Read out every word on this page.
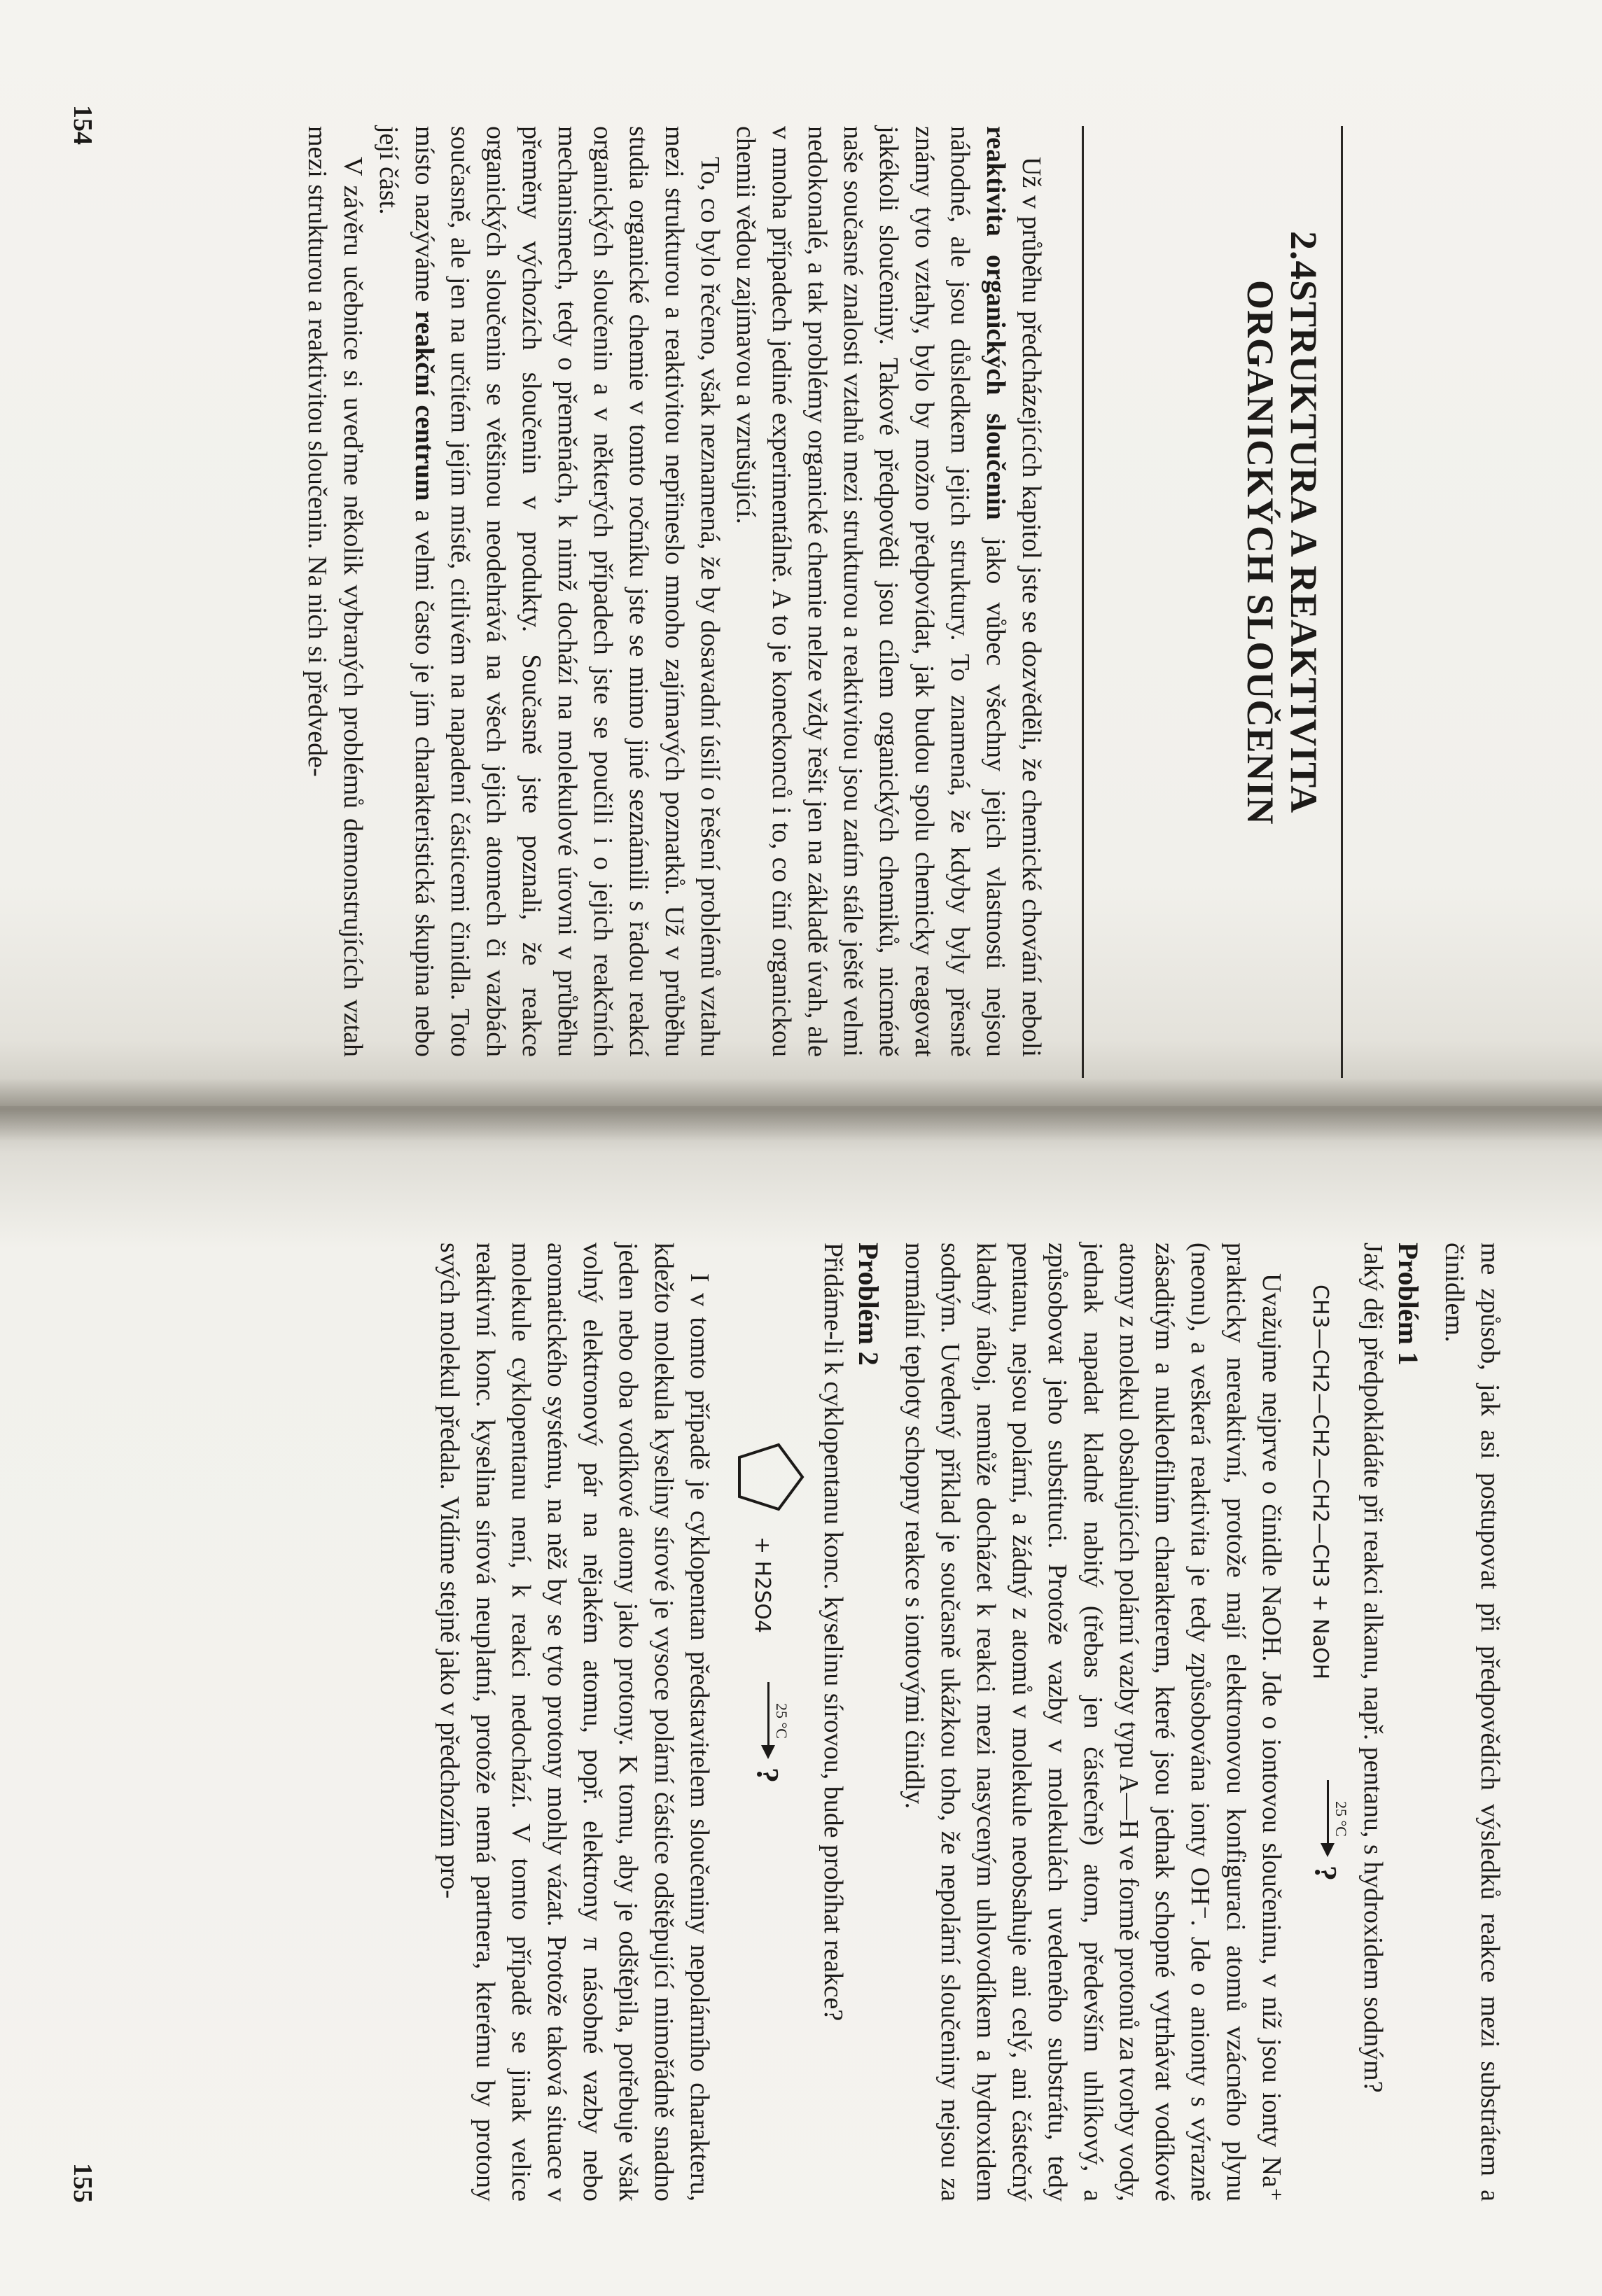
2.4STRUKTURA A REAKTIVITA
ORGANICKÝCH SLOUČENIN

Už v průběhu předcházejících kapitol jste se dozvěděli, že chemické chování neboli reaktivita organických sloučenin jako vůbec všechny jejich vlastnosti nejsou náhodné, ale jsou důsledkem jejich struktury. To znamená, že kdyby byly přesně známy tyto vztahy, bylo by možno předpovídat, jak budou spolu chemicky reagovat jakékoli sloučeniny. Takové předpovědi jsou cílem organických chemiků, nicméně naše současné znalosti vztahů mezi strukturou a reaktivitou jsou zatím stále ještě velmi nedokonalé, a tak problémy organické chemie nelze vždy řešit jen na základě úvah, ale v mnoha případech jediné experimentálně. A to je koneckonců i to, co činí organickou chemii vědou zajímavou a vzrušující.

To, co bylo řečeno, však neznamená, že by dosavadní úsilí o řešení problémů vztahu mezi strukturou a reaktivitou nepřineslo mnoho zajímavých poznatků. Už v průběhu studia organické chemie v tomto ročníku jste se mimo jiné seznámili s řadou reakcí organických sloučenin a v některých případech jste se poučili i o jejich reakčních mechanismech, tedy o přeměnách, k nimž dochází na molekulové úrovni v průběhu přeměny výchozích sloučenin v produkty. Současně jste poznali, že reakce organických sloučenin se většinou neodehrává na všech jejich atomech či vazbách současně, ale jen na určitém jejím místě, citlivém na napadení částicemi činidla. Toto místo nazýváme reakční centrum a velmi často je jím charakteristická skupina nebo její část.

V závěru učebnice si uveďme několik vybraných problémů demonstrujících vztah mezi strukturou a reaktivitou sloučenin. Na nich si předvede-

154

me způsob, jak asi postupovat při předpovědích výsledků reakce mezi substrátem a činidlem.

Problém 1

Jaký děj předpokládáte při reakci alkanu, např. pentanu, s hydroxidem sodným?

CH3—CH2—CH2—CH2—CH3 + NaOH
25 °C
?

Uvažujme nejprve o činidle NaOH. Jde o iontovou sloučeninu, v níž jsou ionty Na⁺ prakticky nereaktivní, protože mají elektronovou konfiguraci atomů vzácného plynu (neonu), a veškerá reaktivita je tedy způsobována ionty OH⁻. Jde o anionty s výrazně zásaditým a nukleofilním charakterem, které jsou jednak schopné vytrhávat vodíkové atomy z molekul obsahujících polární vazby typu A—H ve formě protonů za tvorby vody, jednak napadat kladně nabitý (třebas jen částečně) atom, především uhlíkový, a způsobovat jeho substituci. Protože vazby v molekulách uvedeného substrátu, tedy pentanu, nejsou polární, a žádný z atomů v molekule neobsahuje ani celý, ani částečný kladný náboj, nemůže docházet k reakci mezi nasyceným uhlovodíkem a hydroxidem sodným. Uvedený příklad je současně ukázkou toho, že nepolární sloučeniny nejsou za normální teploty schopny reakce s iontovými činidly.

Problém 2

Přidáme-li k cyklopentanu konc. kyselinu sírovou, bude probíhat reakce?

+ H2SO4
25 °C
?

I v tomto případě je cyklopentan představitelem sloučeniny nepolárního charakteru, kdežto molekula kyseliny sírové je vysoce polární částice odštěpující mimořádně snadno jeden nebo oba vodíkové atomy jako protony. K tomu, aby je odštěpila, potřebuje však volný elektronový pár na nějakém atomu, popř. elektrony π násobné vazby nebo aromatického systému, na něž by se tyto protony mohly vázat. Protože taková situace v molekule cyklopentanu není, k reakci nedochází. V tomto případě se jinak velice reaktivní konc. kyselina sírová neuplatní, protože nemá partnera, kterému by protony svých molekul předala. Vidíme stejně jako v předchozím pro-

155
